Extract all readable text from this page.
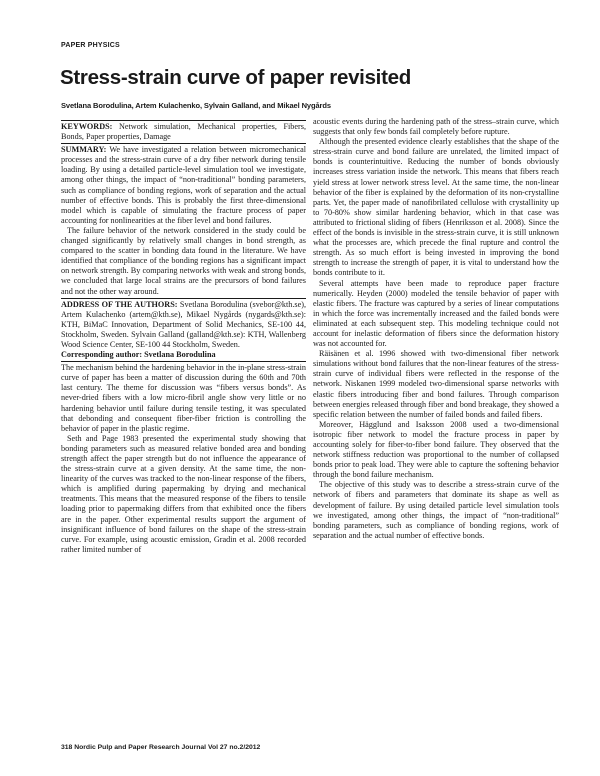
PAPER PHYSICS
Stress-strain curve of paper revisited
Svetlana Borodulina, Artem Kulachenko, Sylvain Galland, and Mikael Nygårds

KEYWORDS: Network simulation, Mechanical properties, Fibers, Bonds, Paper properties, Damage

SUMMARY: We have investigated a relation between micromechanical processes and the stress-strain curve of a dry fiber network during tensile loading. By using a detailed particle-level simulation tool we investigate, among other things, the impact of “non-traditional” bonding parameters, such as compliance of bonding regions, work of separation and the actual number of effective bonds. This is probably the first three-dimensional model which is capable of simulating the fracture process of paper accounting for nonlinearities at the fiber level and bond failures.

The failure behavior of the network considered in the study could be changed significantly by relatively small changes in bond strength, as compared to the scatter in bonding data found in the literature. We have identified that compliance of the bonding regions has a significant impact on network strength. By comparing networks with weak and strong bonds, we concluded that large local strains are the precursors of bond failures and not the other way around.

ADDRESS OF THE AUTHORS: Svetlana Borodulina (svebor@kth.se), Artem Kulachenko (artem@kth.se), Mikael Nygårds (nygards@kth.se): KTH, BiMaC Innovation, Department of Solid Mechanics, SE-100 44, Stockholm, Sweden. Sylvain Galland (galland@kth.se): KTH, Wallenberg Wood Science Center, SE-100 44 Stockholm, Sweden.

Corresponding author: Svetlana Borodulina

The mechanism behind the hardening behavior in the in-plane stress-strain curve of paper has been a matter of discussion during the 60th and 70th last century. The theme for discussion was “fibers versus bonds”. As never-dried fibers with a low micro-fibril angle show very little or no hardening behavior until failure during tensile testing, it was speculated that debonding and consequent fiber-fiber friction is controlling the behavior of paper in the plastic regime.

Seth and Page 1983 presented the experimental study showing that bonding parameters such as measured relative bonded area and bonding strength affect the paper strength but do not influence the appearance of the stress-strain curve at a given density. At the same time, the non-linearity of the curves was tracked to the non-linear response of the fibers, which is amplified during papermaking by drying and mechanical treatments. This means that the measured response of the fibers to tensile loading prior to papermaking differs from that exhibited once the fibers are in the paper. Other experimental results support the argument of insignificant influence of bond failures on the shape of the stress-strain curve. For example, using acoustic emission, Gradin et al. 2008 recorded rather limited number of

acoustic events during the hardening path of the stress–strain curve, which suggests that only few bonds fail completely before rupture.

Although the presented evidence clearly establishes that the shape of the stress-strain curve and bond failure are unrelated, the limited impact of bonds is counterintuitive. Reducing the number of bonds obviously increases stress variation inside the network. This means that fibers reach yield stress at lower network stress level. At the same time, the non-linear behavior of the fiber is explained by the deformation of its non-crystalline parts. Yet, the paper made of nanofibrilated cellulose with crystallinity up to 70-80% show similar hardening behavior, which in that case was attributed to frictional sliding of fibers (Henriksson et al. 2008). Since the effect of the bonds is invisible in the stress-strain curve, it is still unknown what the processes are, which precede the final rupture and control the strength. As so much effort is being invested in improving the bond strength to increase the strength of paper, it is vital to understand how the bonds contribute to it.

Several attempts have been made to reproduce paper fracture numerically. Heyden (2000) modeled the tensile behavior of paper with elastic fibers. The fracture was captured by a series of linear computations in which the force was incrementally increased and the failed bonds were eliminated at each subsequent step. This modeling technique could not account for inelastic deformation of fibers since the deformation history was not accounted for.

Räisänen et al. 1996 showed with two-dimensional fiber network simulations without bond failures that the non-linear features of the stress-strain curve of individual fibers were reflected in the response of the network. Niskanen 1999 modeled two-dimensional sparse networks with elastic fibers introducing fiber and bond failures. Through comparison between energies released through fiber and bond breakage, they showed a specific relation between the number of failed bonds and failed fibers.

Moreover, Hägglund and Isaksson 2008 used a two-dimensional isotropic fiber network to model the fracture process in paper by accounting solely for fiber-to-fiber bond failure. They observed that the network stiffness reduction was proportional to the number of collapsed bonds prior to peak load. They were able to capture the softening behavior through the bond failure mechanism.

The objective of this study was to describe a stress-strain curve of the network of fibers and parameters that dominate its shape as well as development of failure. By using detailed particle level simulation tools we investigated, among other things, the impact of “non-traditional” bonding parameters, such as compliance of bonding regions, work of separation and the actual number of effective bonds.

318 Nordic Pulp and Paper Research Journal Vol 27 no.2/2012
